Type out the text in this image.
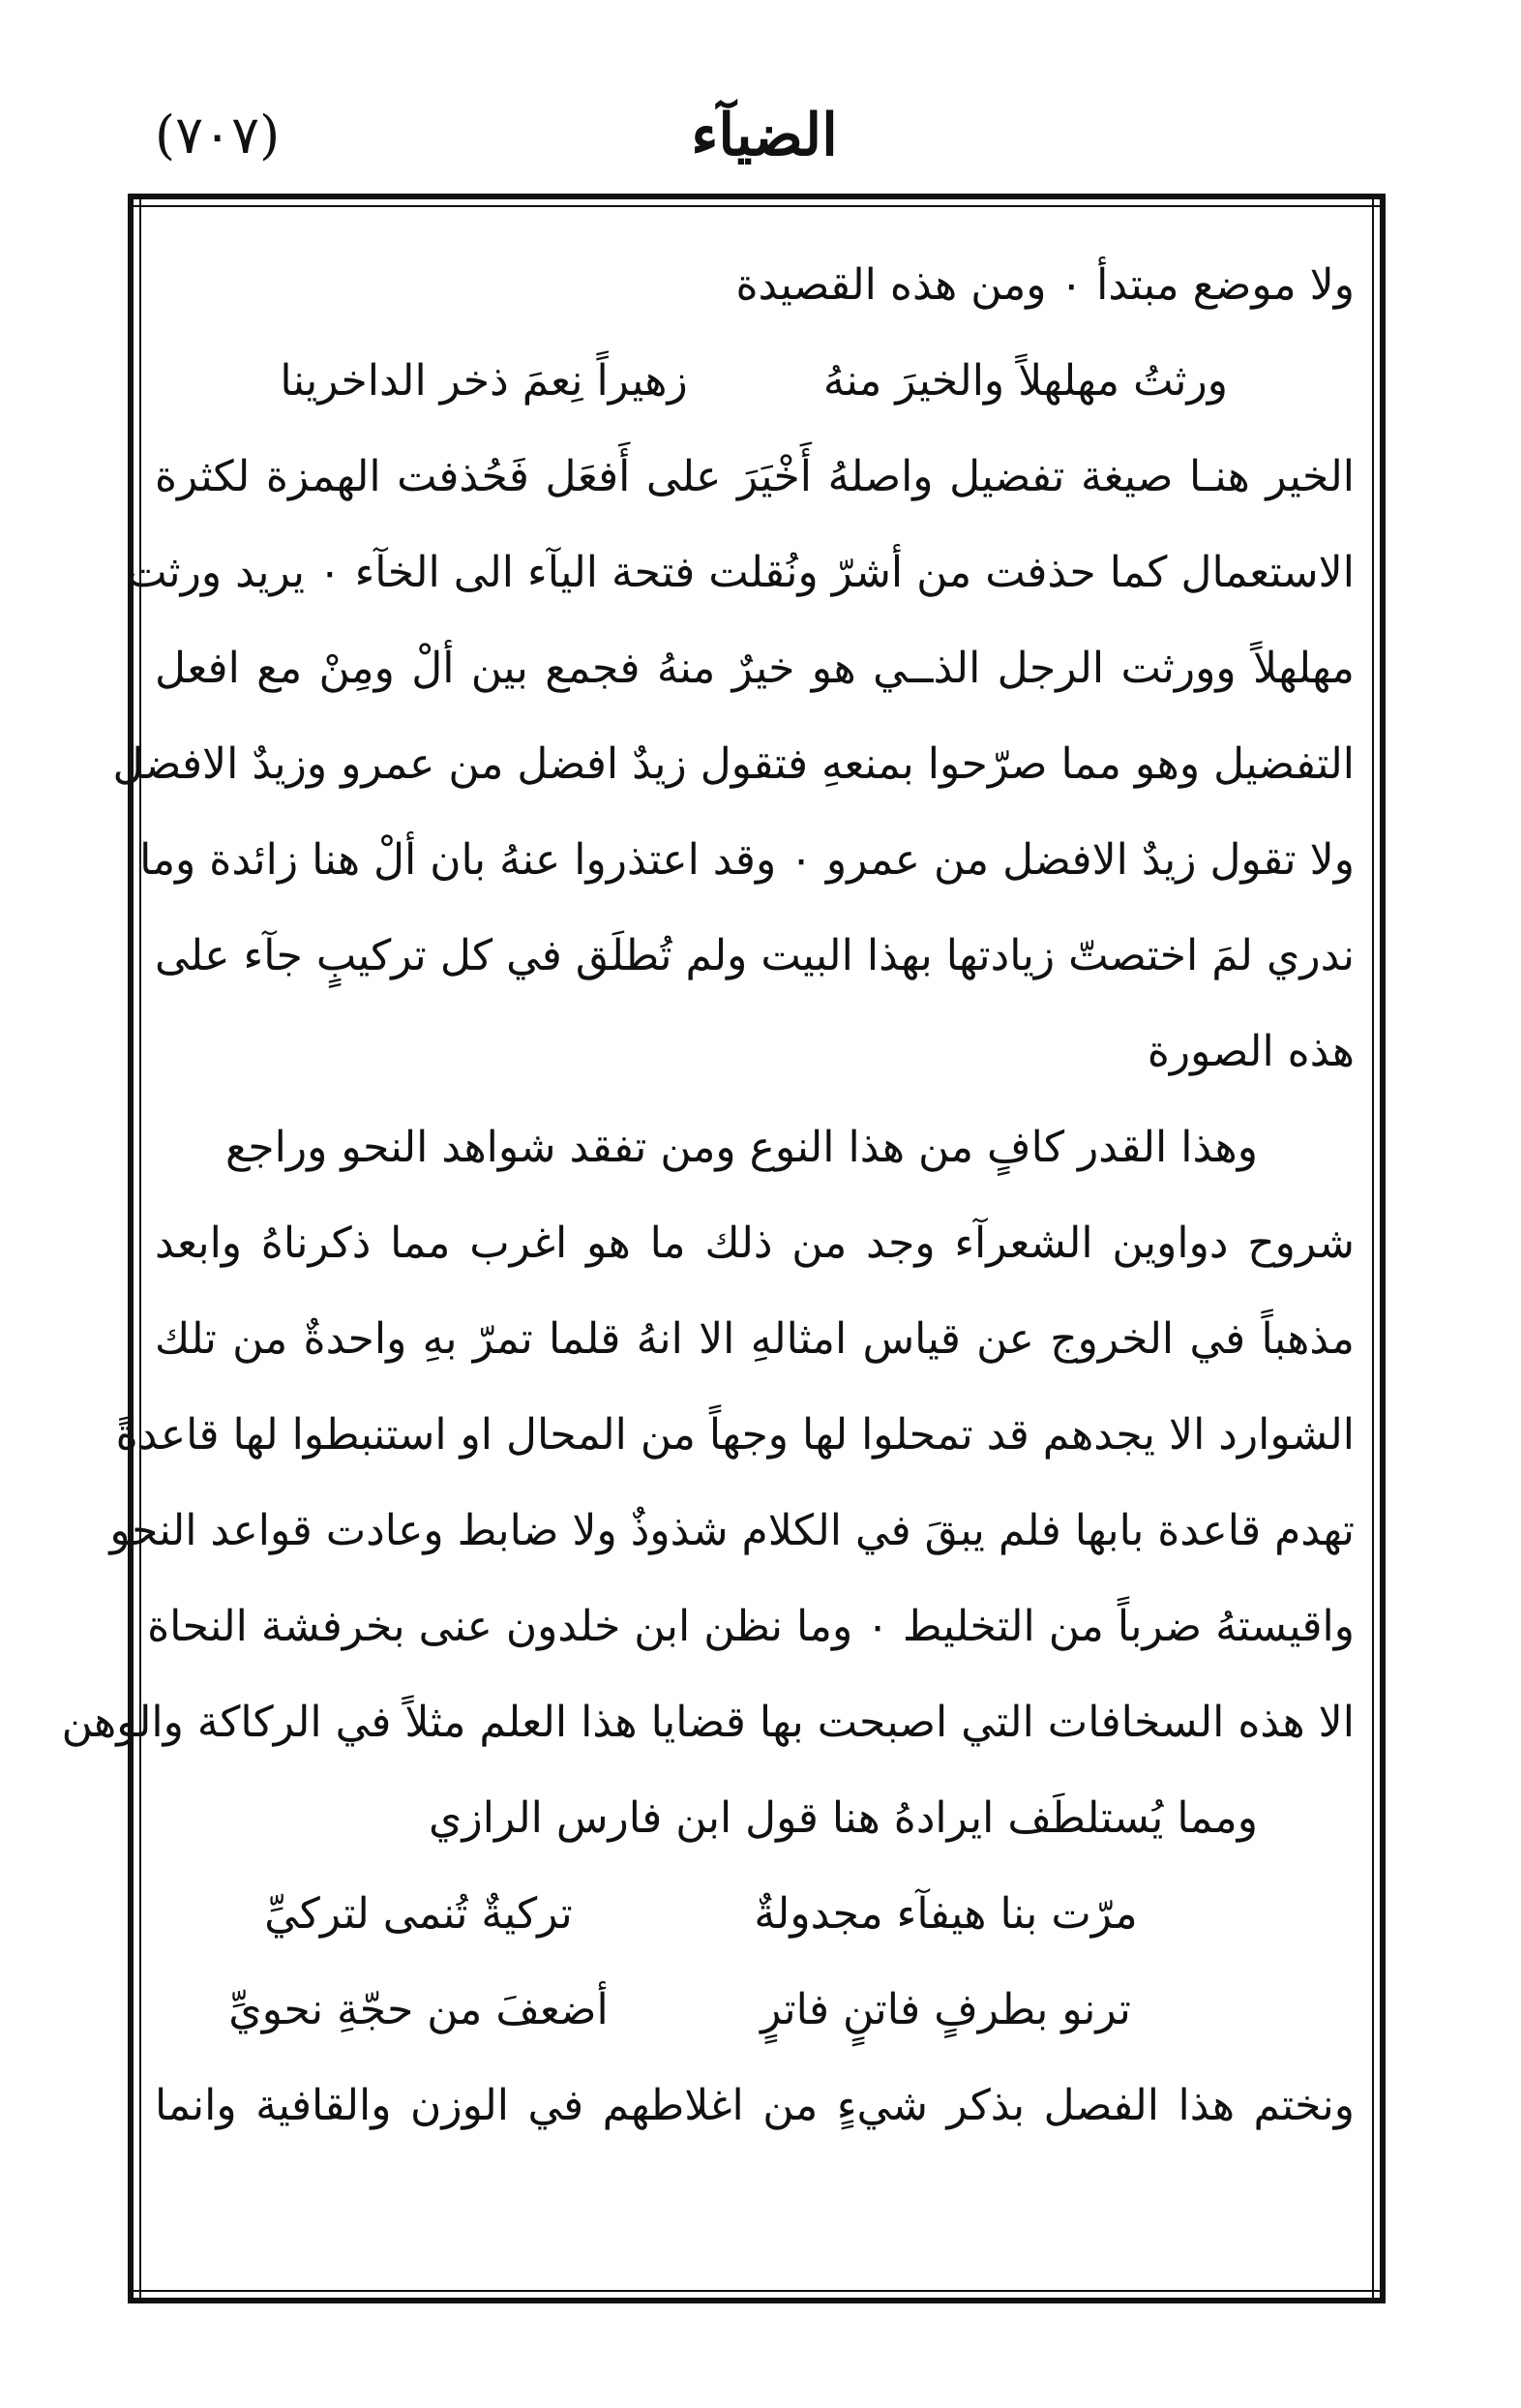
(٧٠٧)	الضيآء
ولا موضع مبتدأ ٠ ومن هذه القصيدة
ورثتُ مهلهلاً والخيرَ منهُ
زهيراً نِعمَ ذخر الداخرينا
الخير هنـا صيغة تفضيل واصلهُ أَخْيَرَ على أَفعَل فَحُذفت الهمزة لكثرة
الاستعمال كما حذفت من أشرّ ونُقلت فتحة اليآء الى الخآء ٠ يريد ورثت
مهلهلاً وورثت الرجل الذــي هو خيرٌ منهُ فجمع بين ألْ ومِنْ مع افعل
التفضيل وهو مما صرّحوا بمنعهِ فتقول زيدٌ افضل من عمرو وزيدٌ الافضل
ولا تقول زيدٌ الافضل من عمرو ٠ وقد اعتذروا عنهُ بان ألْ هنا زائدة وما
ندري لمَ اختصتّ زيادتها بهذا البيت ولم تُطلَق في كل تركيبٍ جآء على
هذه الصورة
وهذا القدر كافٍ من هذا النوع ومن تفقد شواهد النحو وراجع
شروح دواوين الشعرآء وجد من ذلك ما هو اغرب مما ذكرناهُ وابعد
مذهباً في الخروج عن قياس امثالهِ الا انهُ قلما تمرّ بهِ واحدةٌ من تلك
الشوارد الا يجدهم قد تمحلوا لها وجهاً من المحال او استنبطوا لها قاعدةً
تهدم قاعدة بابها فلم يبقَ في الكلام شذوذٌ ولا ضابط وعادت قواعد النحو
واقيستهُ ضرباً من التخليط ٠ وما نظن ابن خلدون عنى بخرفشة النحاة
الا هذه السخافات التي اصبحت بها قضايا هذا العلم مثلاً في الركاكة والوهن
ومما يُستلطَف ايرادهُ هنا قول ابن فارس الرازي
مرّت بنا هيفآء مجدولةٌ
تركيةٌ تُنمى لتركيِّ
ترنو بطرفٍ فاتنٍ فاترٍ
أضعفَ من حجّةِ نحويِّ
ونختم هذا الفصل بذكر شيءٍ من اغلاطهم في الوزن والقافية وانما
